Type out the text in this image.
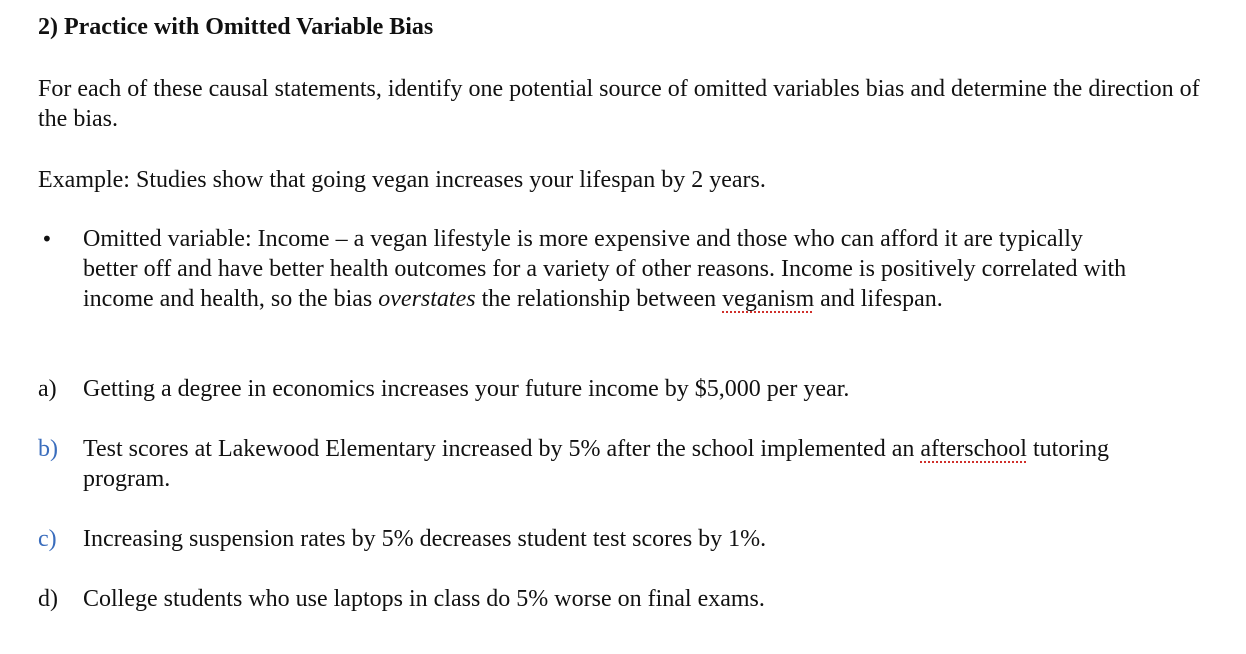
2) Practice with Omitted Variable Bias
For each of these causal statements, identify one potential source of omitted variables bias and determine the direction of the bias.
Example: Studies show that going vegan increases your lifespan by 2 years.
• Omitted variable: Income – a vegan lifestyle is more expensive and those who can afford it are typically better off and have better health outcomes for a variety of other reasons. Income is positively correlated with income and health, so the bias overstates the relationship between veganism and lifespan.
a) Getting a degree in economics increases your future income by $5,000 per year.
b) Test scores at Lakewood Elementary increased by 5% after the school implemented an afterschool tutoring program.
c) Increasing suspension rates by 5% decreases student test scores by 1%.
d) College students who use laptops in class do 5% worse on final exams.
